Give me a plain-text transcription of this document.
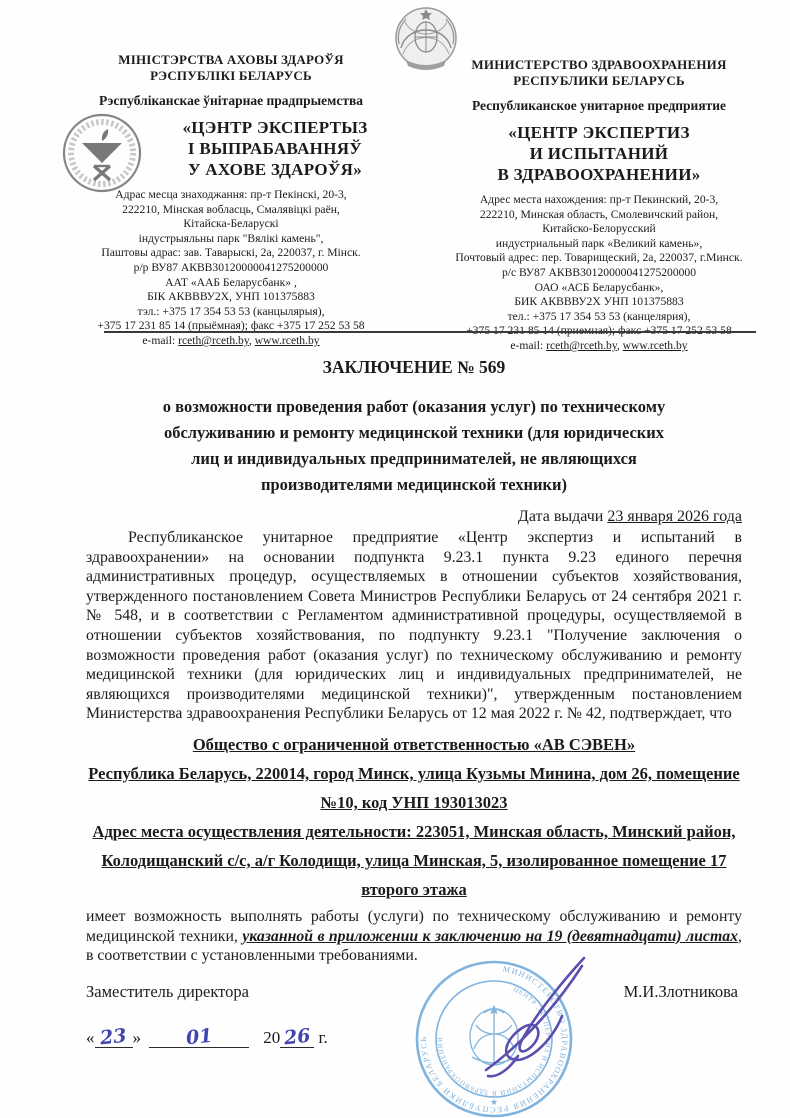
МІНІСТЭРСТВА АХОВЫ ЗДАРОЎЯ
РЭСПУБЛІКІ БЕЛАРУСЬ
Рэспубліканскае ўнітарнае прадпрыемства
«ЦЭНТР ЭКСПЕРТЫЗ
І ВЫПРАБАВАННЯЎ
У АХОВЕ ЗДАРОЎЯ»
Адрас месца знаходжання: пр-т Пекінскі, 20-3,
222210, Мінская вобласць, Смалявіцкі раён,
Кітайска-Беларускі
індустрыяльны парк "Вялікі камень",
Паштовы адрас: зав. Таварыскі, 2а, 220037, г. Мінск.
р/р ВУ87 АКВВ30120000041275200000
ААТ «ААБ Беларусбанк» ,
БІК АКВВВУ2Х, УНП 101375883
тэл.: +375 17 354 53 53 (канцылярыя),
+375 17 231 85 14 (прыёмная); факс +375 17 252 53 58
e-mail: rceth@rceth.by, www.rceth.by
МИНИСТЕРСТВО ЗДРАВООХРАНЕНИЯ
РЕСПУБЛИКИ БЕЛАРУСЬ
Республиканское унитарное предприятие
«ЦЕНТР ЭКСПЕРТИЗ
И ИСПЫТАНИЙ
В ЗДРАВООХРАНЕНИИ»
Адрес места нахождения: пр-т Пекинский, 20-3,
222210, Минская область, Смолевичский район,
Китайско-Белорусский
индустриальный парк «Великий камень»,
Почтовый адрес: пер. Товарищеский, 2а, 220037, г.Минск.
р/с ВУ87 АКВВ30120000041275200000
ОАО «АСБ Беларусбанк»,
БИК АКВВВУ2Х УНП 101375883
тел.: +375 17 354 53 53 (канцелярия),
+375 17 231 85 14 (приемная); факс +375 17 252 53 58
e-mail: rceth@rceth.by, www.rceth.by
ЗАКЛЮЧЕНИЕ № 569
о возможности проведения работ (оказания услуг) по техническому
обслуживанию и ремонту медицинской техники (для юридических
лиц и индивидуальных предпринимателей, не являющихся
производителями медицинской техники)
Дата выдачи 23 января 2026 года
Республиканское унитарное предприятие «Центр экспертиз и испытаний в здравоохранении» на основании подпункта 9.23.1 пункта 9.23 единого перечня административных процедур, осуществляемых в отношении субъектов хозяйствования, утвержденного постановлением Совета Министров Республики Беларусь от 24 сентября 2021 г. № 548, и в соответствии с Регламентом административной процедуры, осуществляемой в отношении субъектов хозяйствования, по подпункту 9.23.1 "Получение заключения о возможности проведения работ (оказания услуг) по техническому обслуживанию и ремонту медицинской техники (для юридических лиц и индивидуальных предпринимателей, не являющихся производителями медицинской техники)", утвержденным постановлением Министерства здравоохранения Республики Беларусь от 12 мая 2022 г. № 42, подтверждает, что
Общество с ограниченной ответственностью «АВ СЭВЕН»
Республика Беларусь, 220014, город Минск, улица Кузьмы Минина, дом 26, помещение №10, код УНП 193013023
Адрес места осуществления деятельности: 223051, Минская область, Минский район, Колодищанский с/с, а/г Колодищи, улица Минская, 5, изолированное помещение 17 второго этажа
имеет возможность выполнять работы (услуги) по техническому обслуживанию и ремонту медицинской техники, указанной в приложении к заключению на 19 (девятнадцати) листах, в соответствии с установленными требованиями.
Заместитель директора	М.И.Злотникова
« 23 » 01	20 26 г.
МИНИСТЕРСТВО ЗДРАВООХРАНЕНИЯ РЕСПУБЛИКИ БЕЛАРУСЬ
ЦЕНТР ЭКСПЕРТИЗ И ИСПЫТАНИЙ В ЗДРАВООХРАНЕНИИ
★
